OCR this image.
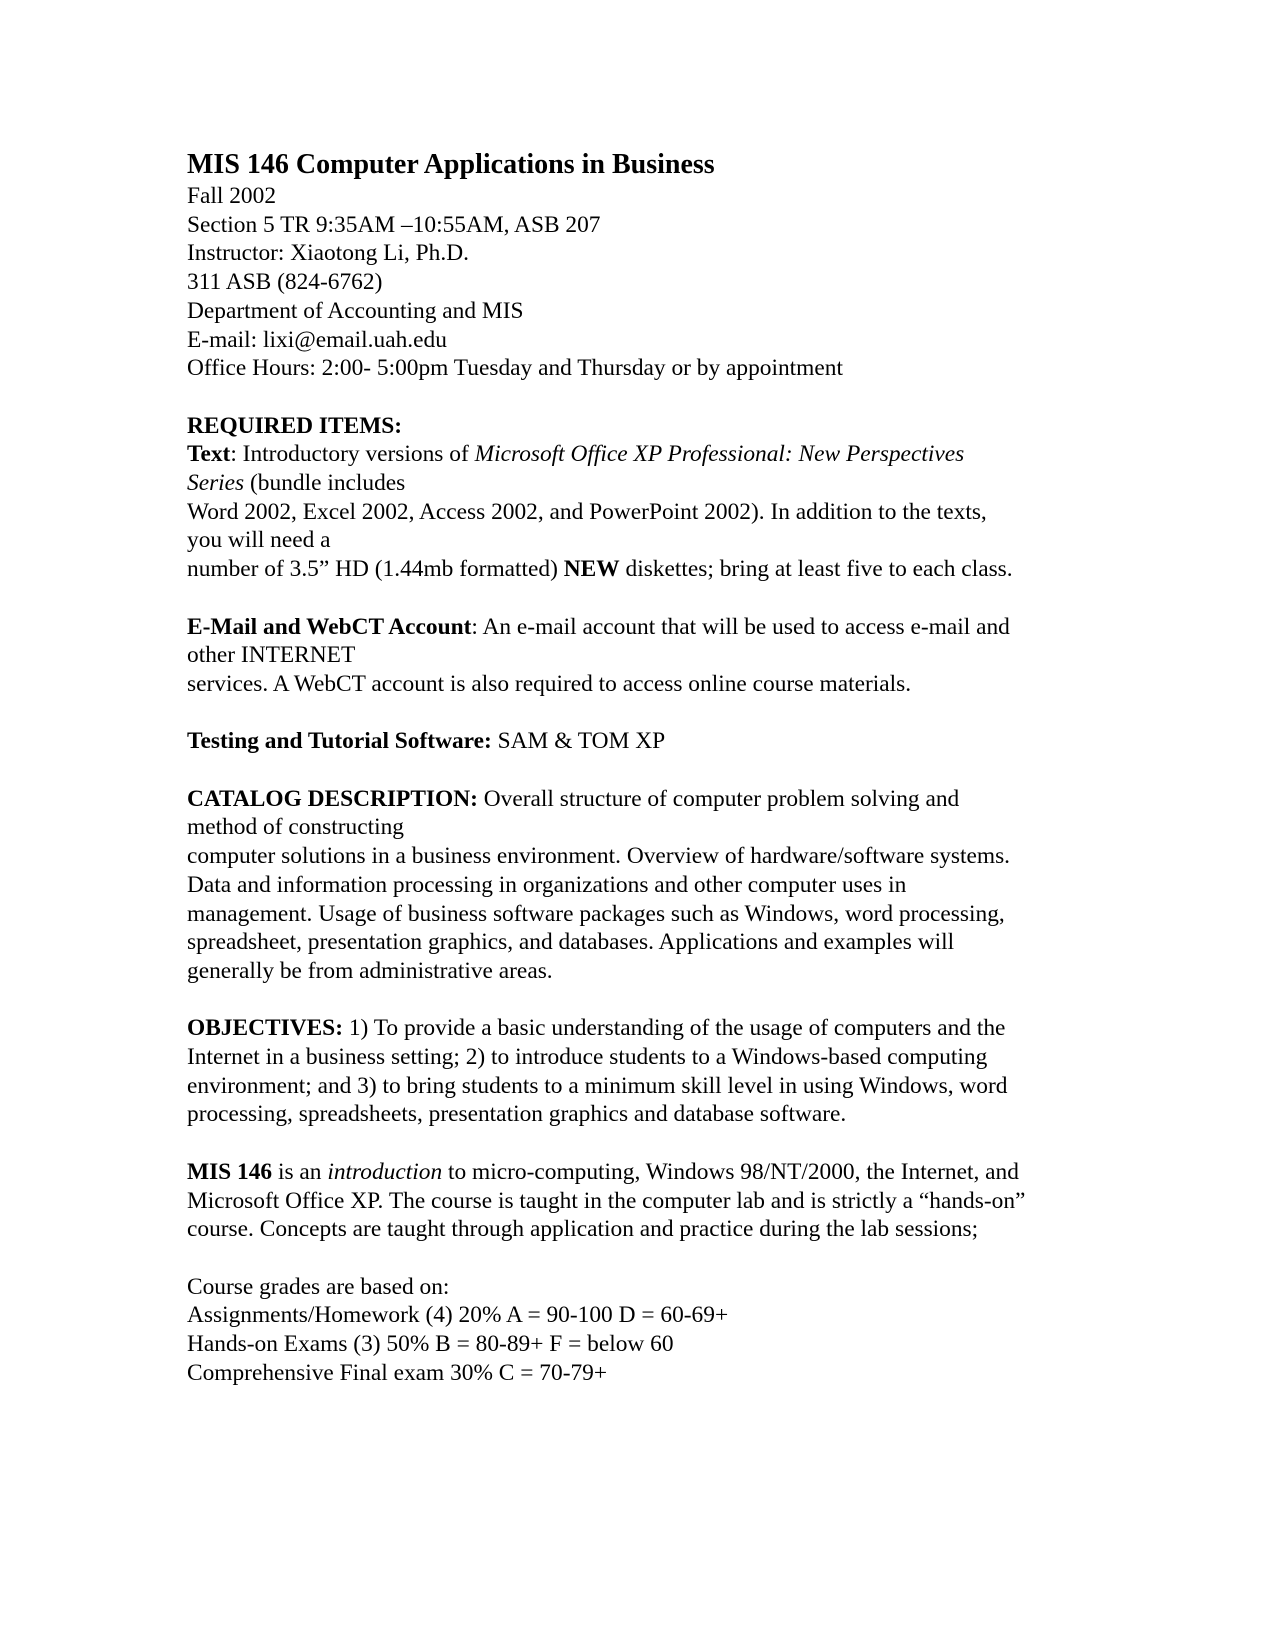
MIS 146 Computer Applications in Business
Fall 2002
Section 5 TR 9:35AM –10:55AM, ASB 207
Instructor: Xiaotong Li, Ph.D.
311 ASB (824-6762)
Department of Accounting and MIS
E-mail: lixi@email.uah.edu
Office Hours: 2:00- 5:00pm Tuesday and Thursday or by appointment
REQUIRED ITEMS:
Text: Introductory versions of Microsoft Office XP Professional: New Perspectives
Series (bundle includes
Word 2002, Excel 2002, Access 2002, and PowerPoint 2002). In addition to the texts,
you will need a
number of 3.5” HD (1.44mb formatted) NEW diskettes; bring at least five to each class.
E-Mail and WebCT Account: An e-mail account that will be used to access e-mail and
other INTERNET
services. A WebCT account is also required to access online course materials.
Testing and Tutorial Software: SAM & TOM XP
CATALOG DESCRIPTION: Overall structure of computer problem solving and
method of constructing
computer solutions in a business environment. Overview of hardware/software systems.
Data and information processing in organizations and other computer uses in
management. Usage of business software packages such as Windows, word processing,
spreadsheet, presentation graphics, and databases. Applications and examples will
generally be from administrative areas.
OBJECTIVES: 1) To provide a basic understanding of the usage of computers and the
Internet in a business setting; 2) to introduce students to a Windows-based computing
environment; and 3) to bring students to a minimum skill level in using Windows, word
processing, spreadsheets, presentation graphics and database software.
MIS 146 is an introduction to micro-computing, Windows 98/NT/2000, the Internet, and
Microsoft Office XP. The course is taught in the computer lab and is strictly a “hands-on”
course. Concepts are taught through application and practice during the lab sessions;
Course grades are based on:
Assignments/Homework (4) 20% A = 90-100 D = 60-69+
Hands-on Exams (3) 50% B = 80-89+ F = below 60
Comprehensive Final exam 30% C = 70-79+
